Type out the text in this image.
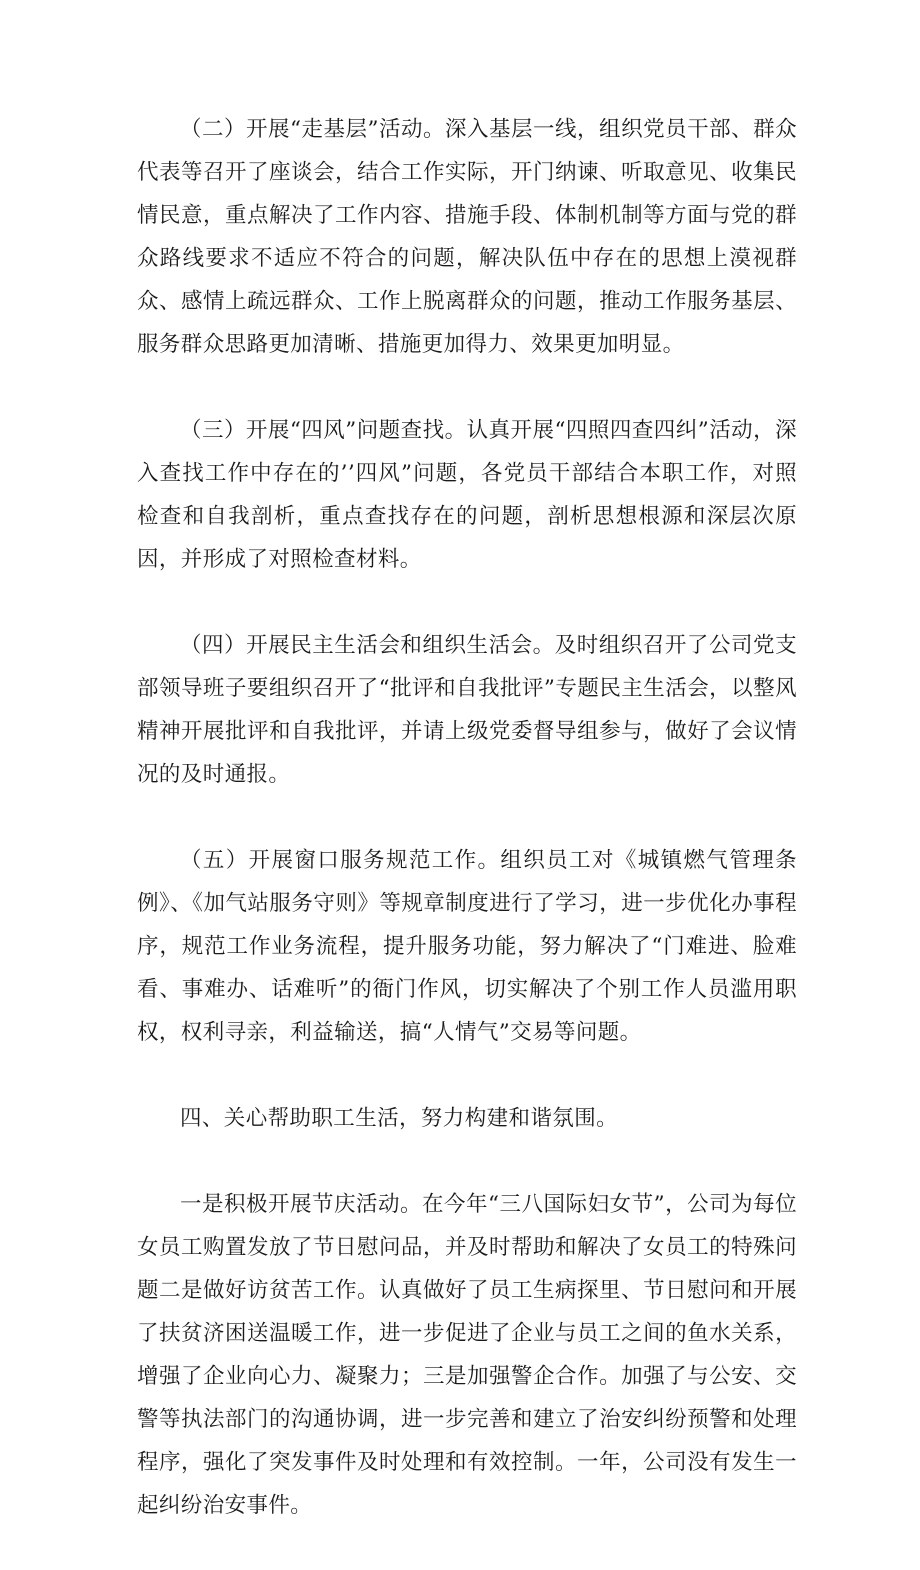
（二）开展“走基层”活动。深入基层一线，组织党员干部、群众代表等召开了座谈会，结合工作实际，开门纳谏、听取意见、收集民情民意，重点解决了工作内容、措施手段、体制机制等方面与党的群众路线要求不适应不符合的问题，解决队伍中存在的思想上漠视群众、感情上疏远群众、工作上脱离群众的问题，推动工作服务基层、服务群众思路更加清晰、措施更加得力、效果更加明显。

（三）开展“四风”问题查找。认真开展“四照四查四纠”活动，深入查找工作中存在的’’四风”问题，各党员干部结合本职工作，对照检查和自我剖析，重点查找存在的问题，剖析思想根源和深层次原因，并形成了对照检查材料。

（四）开展民主生活会和组织生活会。及时组织召开了公司党支部领导班子要组织召开了“批评和自我批评”专题民主生活会，以整风精神开展批评和自我批评，并请上级党委督导组参与，做好了会议情况的及时通报。

（五）开展窗口服务规范工作。组织员工对《城镇燃气管理条例》、《加气站服务守则》等规章制度进行了学习，进一步优化办事程序，规范工作业务流程，提升服务功能，努力解决了“门难进、脸难看、事难办、话难听”的衙门作风，切实解决了个别工作人员滥用职权，权利寻亲，利益输送，搞“人情气”交易等问题。

四、关心帮助职工生活，努力构建和谐氛围。

一是积极开展节庆活动。在今年“三八国际妇女节”，公司为每位女员工购置发放了节日慰问品，并及时帮助和解决了女员工的特殊问题二是做好访贫苦工作。认真做好了员工生病探里、节日慰问和开展了扶贫济困送温暖工作，进一步促进了企业与员工之间的鱼水关系，增强了企业向心力、凝聚力；三是加强警企合作。加强了与公安、交警等执法部门的沟通协调，进一步完善和建立了治安纠纷预警和处理程序，强化了突发事件及时处理和有效控制。一年，公司没有发生一起纠纷治安事件。
